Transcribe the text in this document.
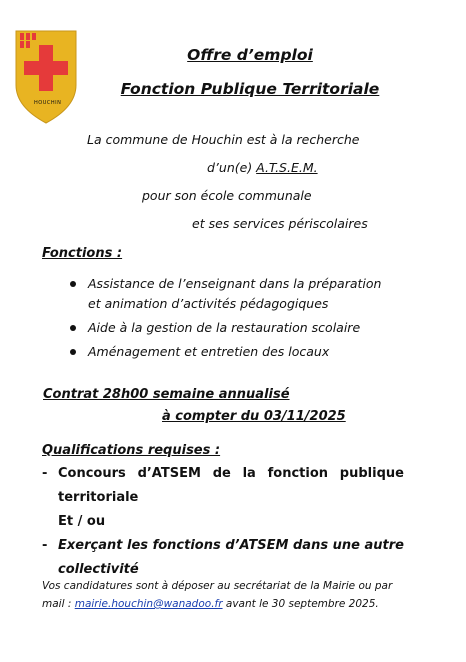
HOUCHIN
Offre d’emploi
Fonction Publique Territoriale
La commune de Houchin est à la recherche
d’un(e) A.T.S.E.M.
pour son école communale
et ses services périscolaires
Fonctions :
Assistance de l’enseignant dans la préparation
et animation d’activités pédagogiques
Aide à la gestion de la restauration scolaire
Aménagement et entretien des locaux
Contrat 28h00 semaine annualisé
à compter du 03/11/2025
Qualifications requises :
- Concours d’ATSEM de la fonction publique
territoriale
Et / ou
- Exerçant les fonctions d’ATSEM dans une autre
collectivité
Vos candidatures sont à déposer au secrétariat de la Mairie ou par
mail : mairie.houchin@wanadoo.fr avant le 30 septembre 2025.
